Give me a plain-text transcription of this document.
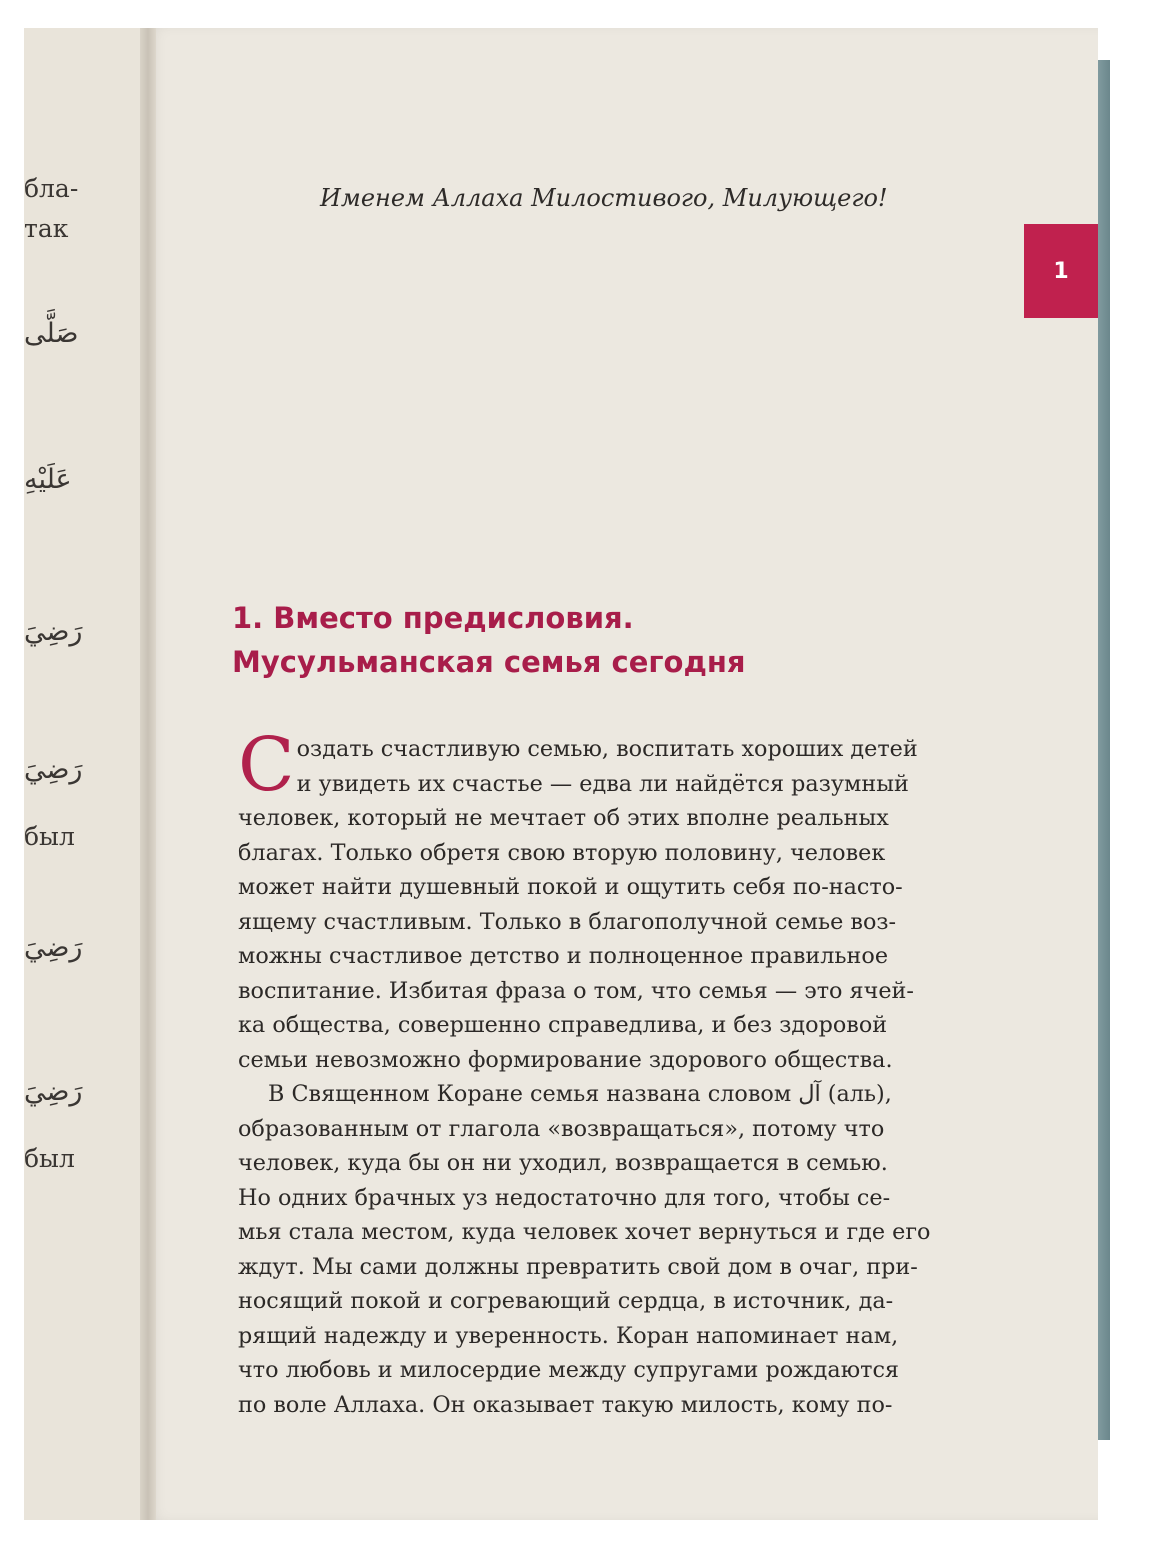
бла-
так
صَلَّى
عَلَيْهِ
رَضِيَ
رَضِيَ
был
رَضِيَ
رَضِيَ
был
Именем Аллаха Милостивого, Милующего!
1
1. Вместо предисловия.
Мусульманская семья сегодня
С оздать счастливую семью, воспитать хороших детей
и увидеть их счастье — едва ли найдётся разумный
человек, который не мечтает об этих вполне реальных
благах. Только обретя свою вторую половину, человек
может найти душевный покой и ощутить себя по-насто-
ящему счастливым. Только в благополучной семье воз-
можны счастливое детство и полноценное правильное
воспитание. Избитая фраза о том, что семья — это ячей-
ка общества, совершенно справедлива, и без здоровой
семьи невозможно формирование здорового общества.
В Священном Коране семья названа словом آل (аль),
образованным от глагола «возвращаться», потому что
человек, куда бы он ни уходил, возвращается в семью.
Но одних брачных уз недостаточно для того, чтобы се-
мья стала местом, куда человек хочет вернуться и где его
ждут. Мы сами должны превратить свой дом в очаг, при-
носящий покой и согревающий сердца, в источник, да-
рящий надежду и уверенность. Коран напоминает нам,
что любовь и милосердие между супругами рождаются
по воле Аллаха. Он оказывает такую милость, кому по-
